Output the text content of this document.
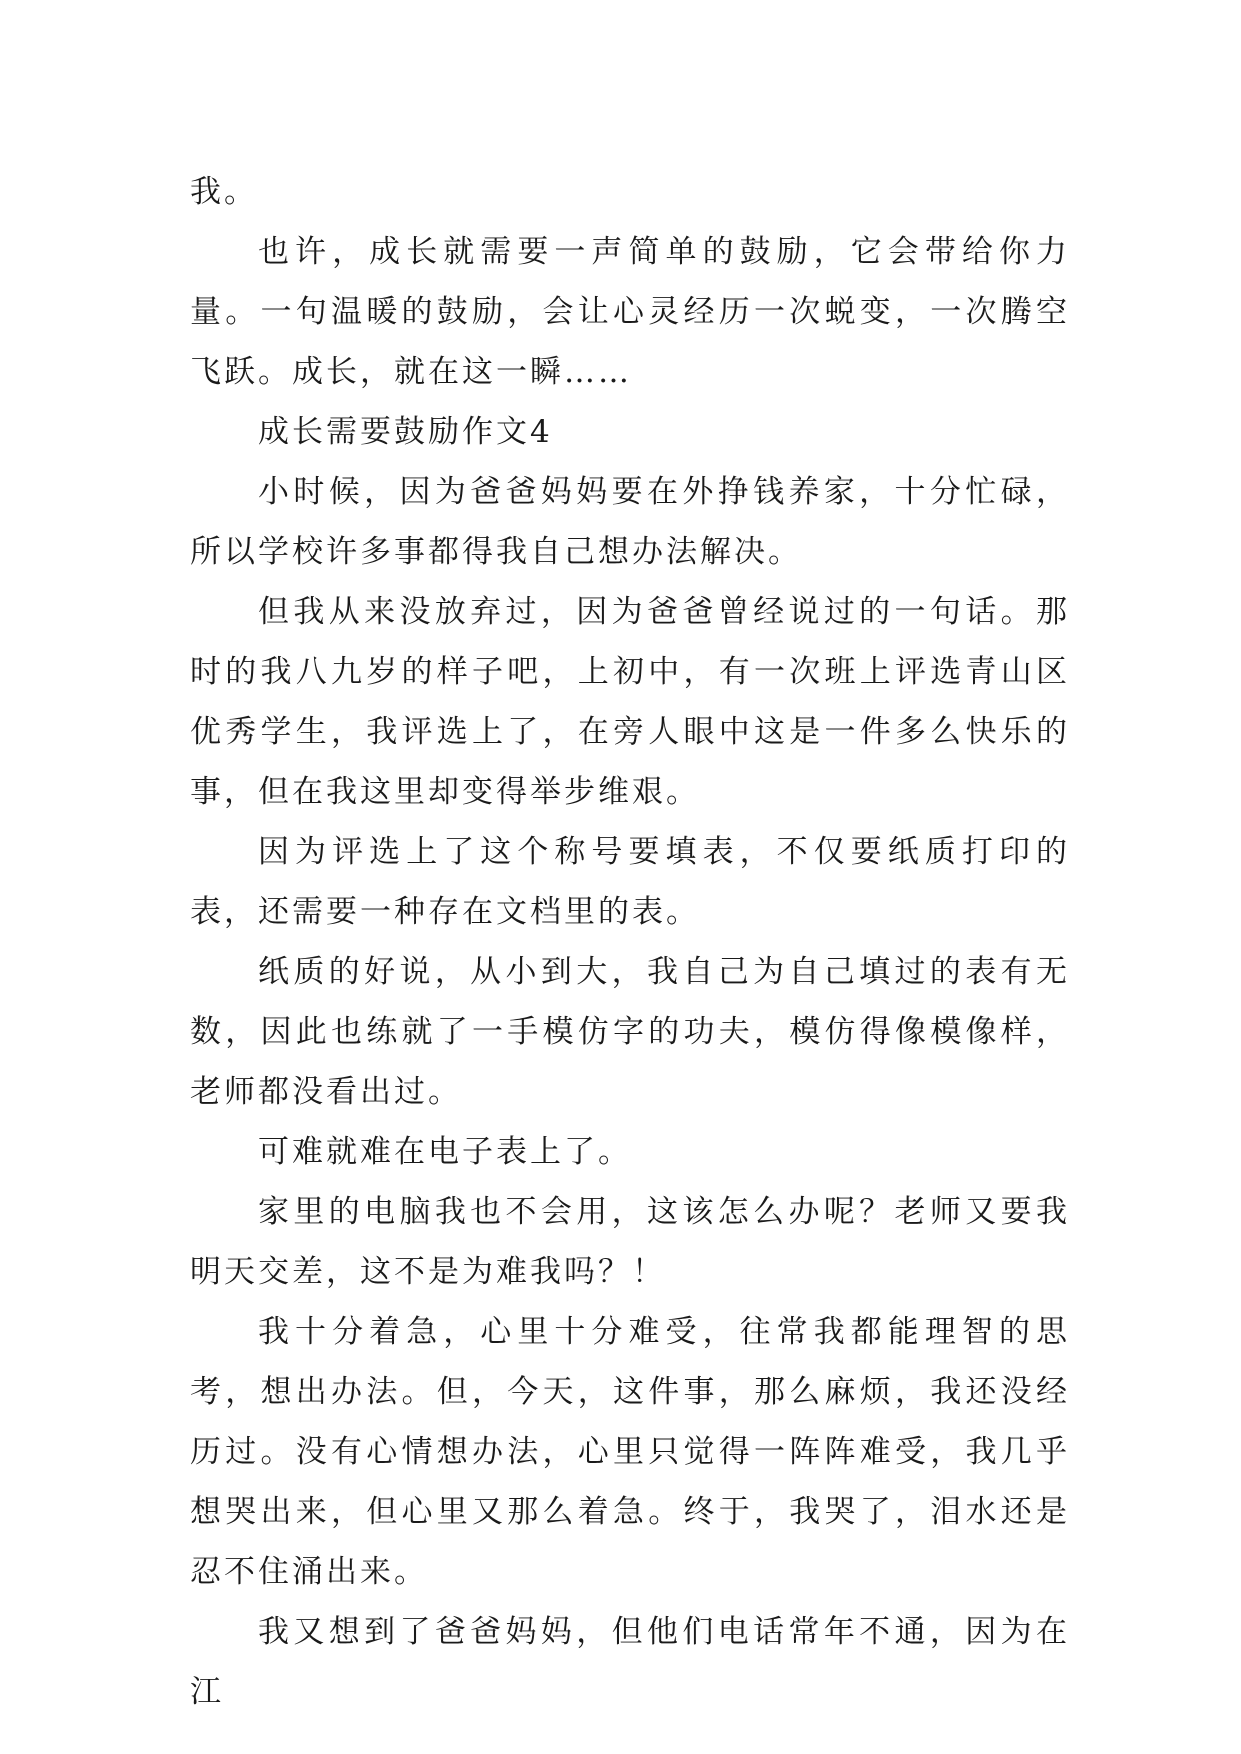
我。

也许，成长就需要一声简单的鼓励，它会带给你力量。一句温暖的鼓励，会让心灵经历一次蜕变，一次腾空飞跃。成长，就在这一瞬……

成长需要鼓励作文4

小时候，因为爸爸妈妈要在外挣钱养家，十分忙碌，所以学校许多事都得我自己想办法解决。

但我从来没放弃过，因为爸爸曾经说过的一句话。那时的我八九岁的样子吧，上初中，有一次班上评选青山区优秀学生，我评选上了，在旁人眼中这是一件多么快乐的事，但在我这里却变得举步维艰。

因为评选上了这个称号要填表，不仅要纸质打印的表，还需要一种存在文档里的表。

纸质的好说，从小到大，我自己为自己填过的表有无数，因此也练就了一手模仿字的功夫，模仿得像模像样，老师都没看出过。

可难就难在电子表上了。

家里的电脑我也不会用，这该怎么办呢？老师又要我明天交差，这不是为难我吗？！

我十分着急，心里十分难受，往常我都能理智的思考，想出办法。但，今天，这件事，那么麻烦，我还没经历过。没有心情想办法，心里只觉得一阵阵难受，我几乎想哭出来，但心里又那么着急。终于，我哭了，泪水还是忍不住涌出来。

我又想到了爸爸妈妈，但他们电话常年不通，因为在江
